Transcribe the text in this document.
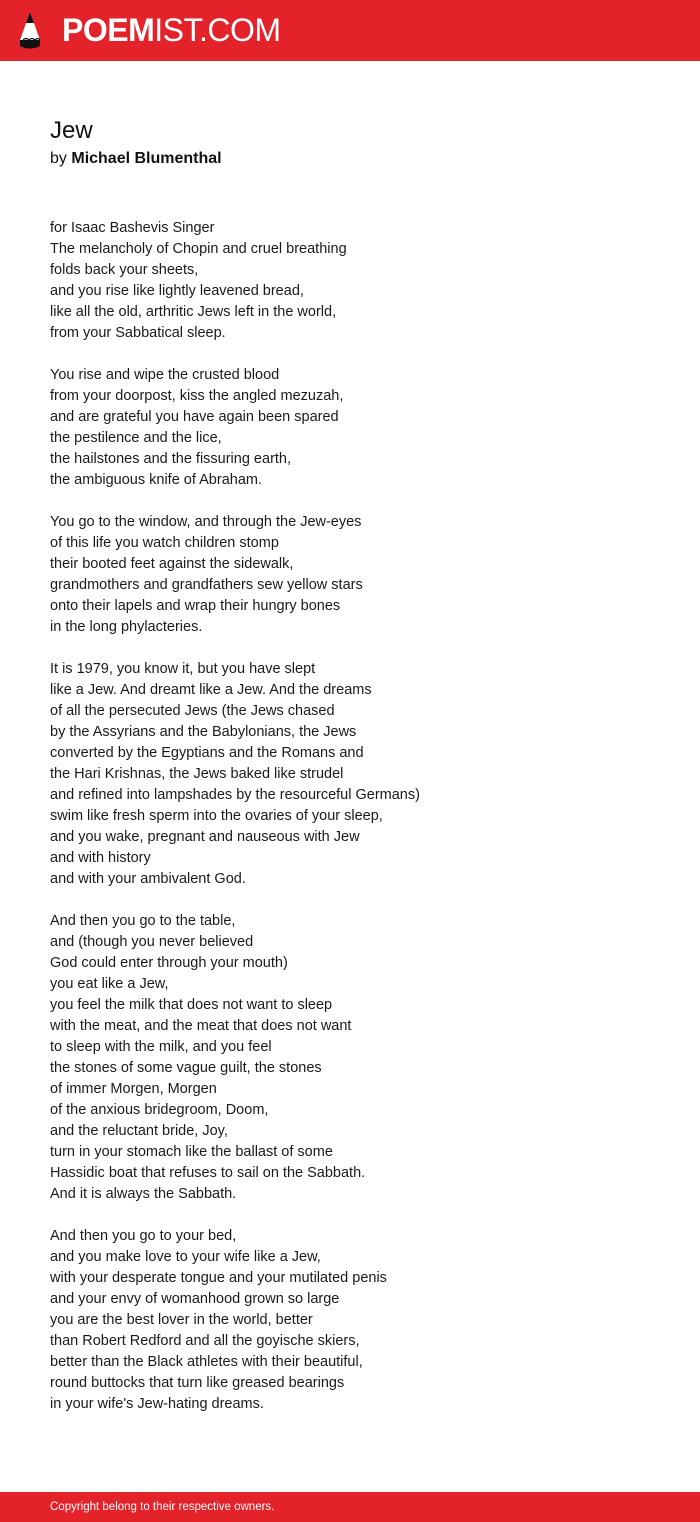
POEMIST.COM
Jew
by Michael Blumenthal
for Isaac Bashevis Singer
The melancholy of Chopin and cruel breathing
folds back your sheets,
and you rise like lightly leavened bread,
like all the old, arthritic Jews left in the world,
from your Sabbatical sleep.
You rise and wipe the crusted blood
from your doorpost, kiss the angled mezuzah,
and are grateful you have again been spared
the pestilence and the lice,
the hailstones and the fissuring earth,
the ambiguous knife of Abraham.
You go to the window, and through the Jew-eyes
of this life you watch children stomp
their booted feet against the sidewalk,
grandmothers and grandfathers sew yellow stars
onto their lapels and wrap their hungry bones
in the long phylacteries.
It is 1979, you know it, but you have slept
like a Jew. And dreamt like a Jew. And the dreams
of all the persecuted Jews (the Jews chased
by the Assyrians and the Babylonians, the Jews
converted by the Egyptians and the Romans and
the Hari Krishnas, the Jews baked like strudel
and refined into lampshades by the resourceful Germans)
swim like fresh sperm into the ovaries of your sleep,
and you wake, pregnant and nauseous with Jew
and with history
and with your ambivalent God.
And then you go to the table,
and (though you never believed
God could enter through your mouth)
you eat like a Jew,
you feel the milk that does not want to sleep
with the meat, and the meat that does not want
to sleep with the milk, and you feel
the stones of some vague guilt, the stones
of immer Morgen, Morgen
of the anxious bridegroom, Doom,
and the reluctant bride, Joy,
turn in your stomach like the ballast of some
Hassidic boat that refuses to sail on the Sabbath.
And it is always the Sabbath.
And then you go to your bed,
and you make love to your wife like a Jew,
with your desperate tongue and your mutilated penis
and your envy of womanhood grown so large
you are the best lover in the world, better
than Robert Redford and all the goyische skiers,
better than the Black athletes with their beautiful,
round buttocks that turn like greased bearings
in your wife's Jew-hating dreams.
Copyright belong to their respective owners.
